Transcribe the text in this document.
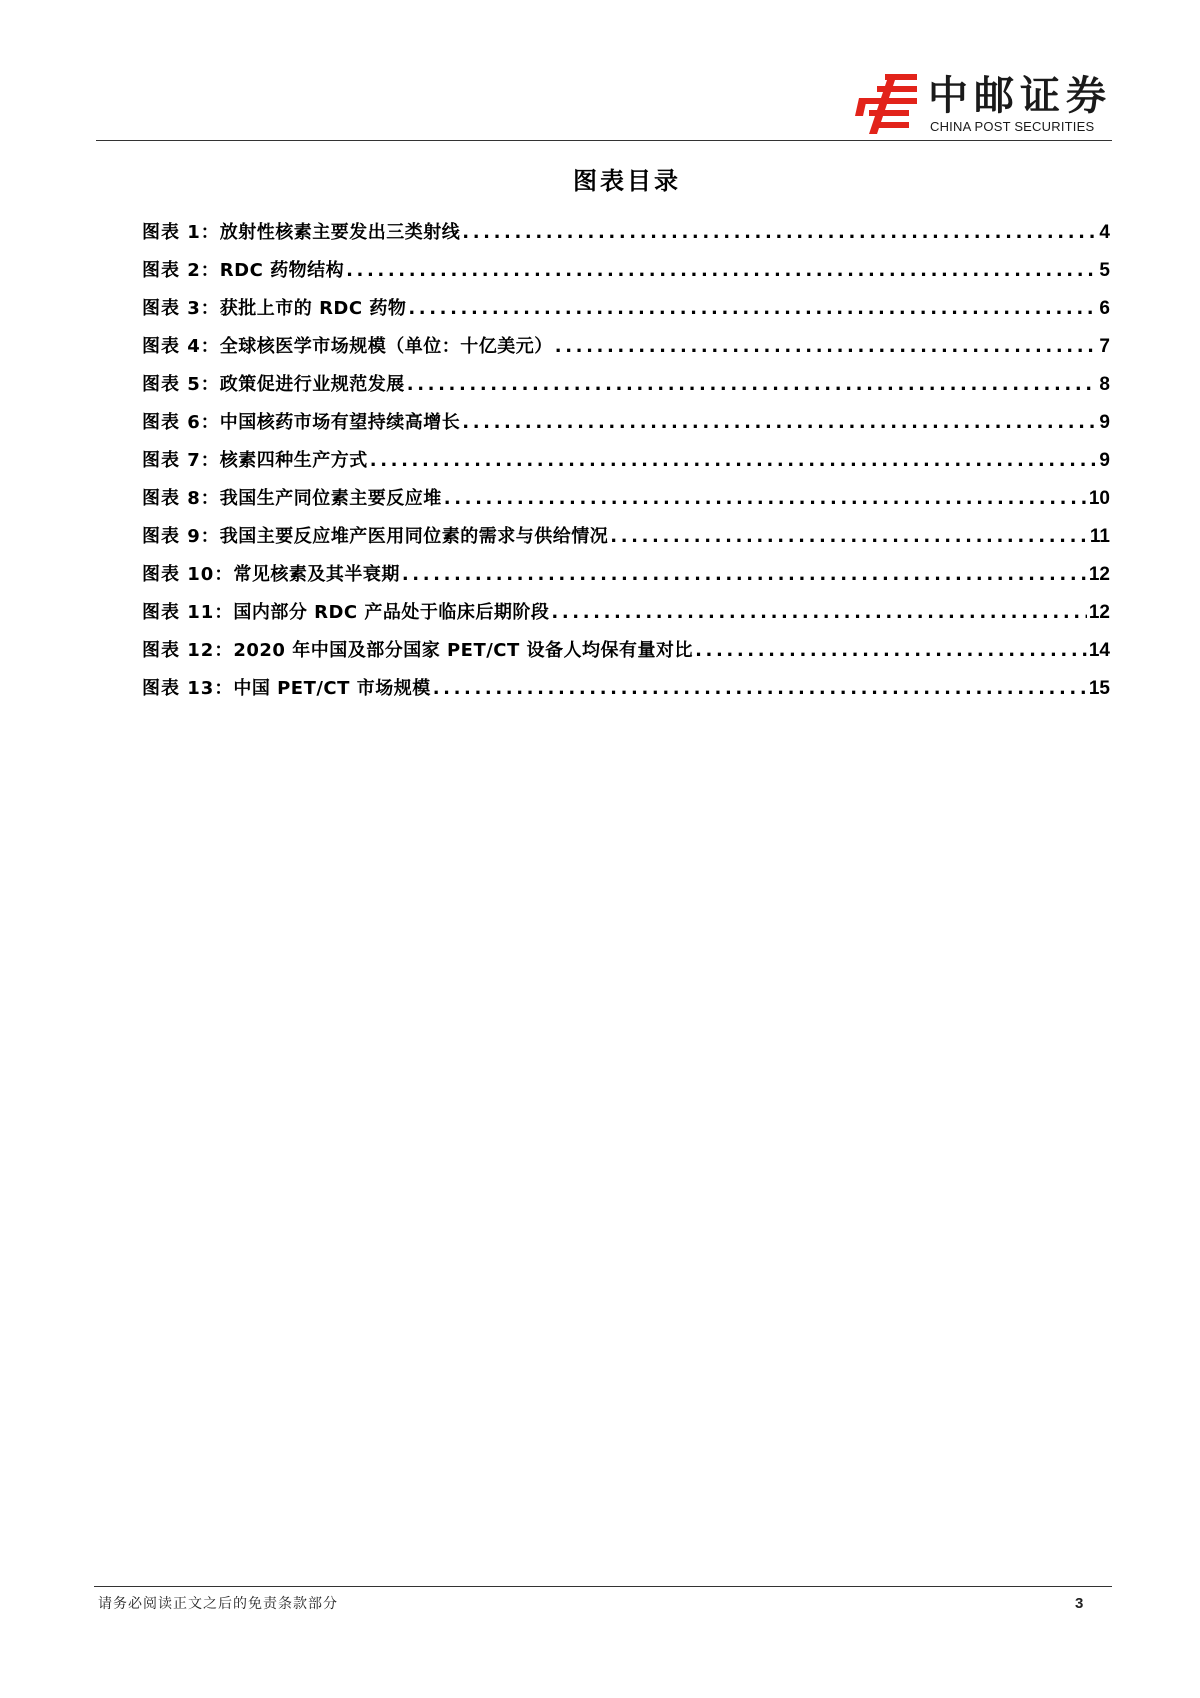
中邮证券
CHINA POST SECURITIES
图表目录
图表 1： 放射性核素主要发出三类射线 .....	4
图表 2： RDC 药物结构 .....	5
图表 3： 获批上市的 RDC 药物 .....	6
图表 4： 全球核医学市场规模（单位：十亿美元） .....	7
图表 5： 政策促进行业规范发展 .....	8
图表 6： 中国核药市场有望持续高增长 .....	9
图表 7： 核素四种生产方式 .....	9
图表 8： 我国生产同位素主要反应堆 .....	10
图表 9： 我国主要反应堆产医用同位素的需求与供给情况 .....	11
图表 10： 常见核素及其半衰期 .....	12
图表 11： 国内部分 RDC 产品处于临床后期阶段 .....	12
图表 12： 2020 年中国及部分国家 PET/CT 设备人均保有量对比 .....	14
图表 13： 中国 PET/CT 市场规模 .....	15
请务必阅读正文之后的免责条款部分	3
